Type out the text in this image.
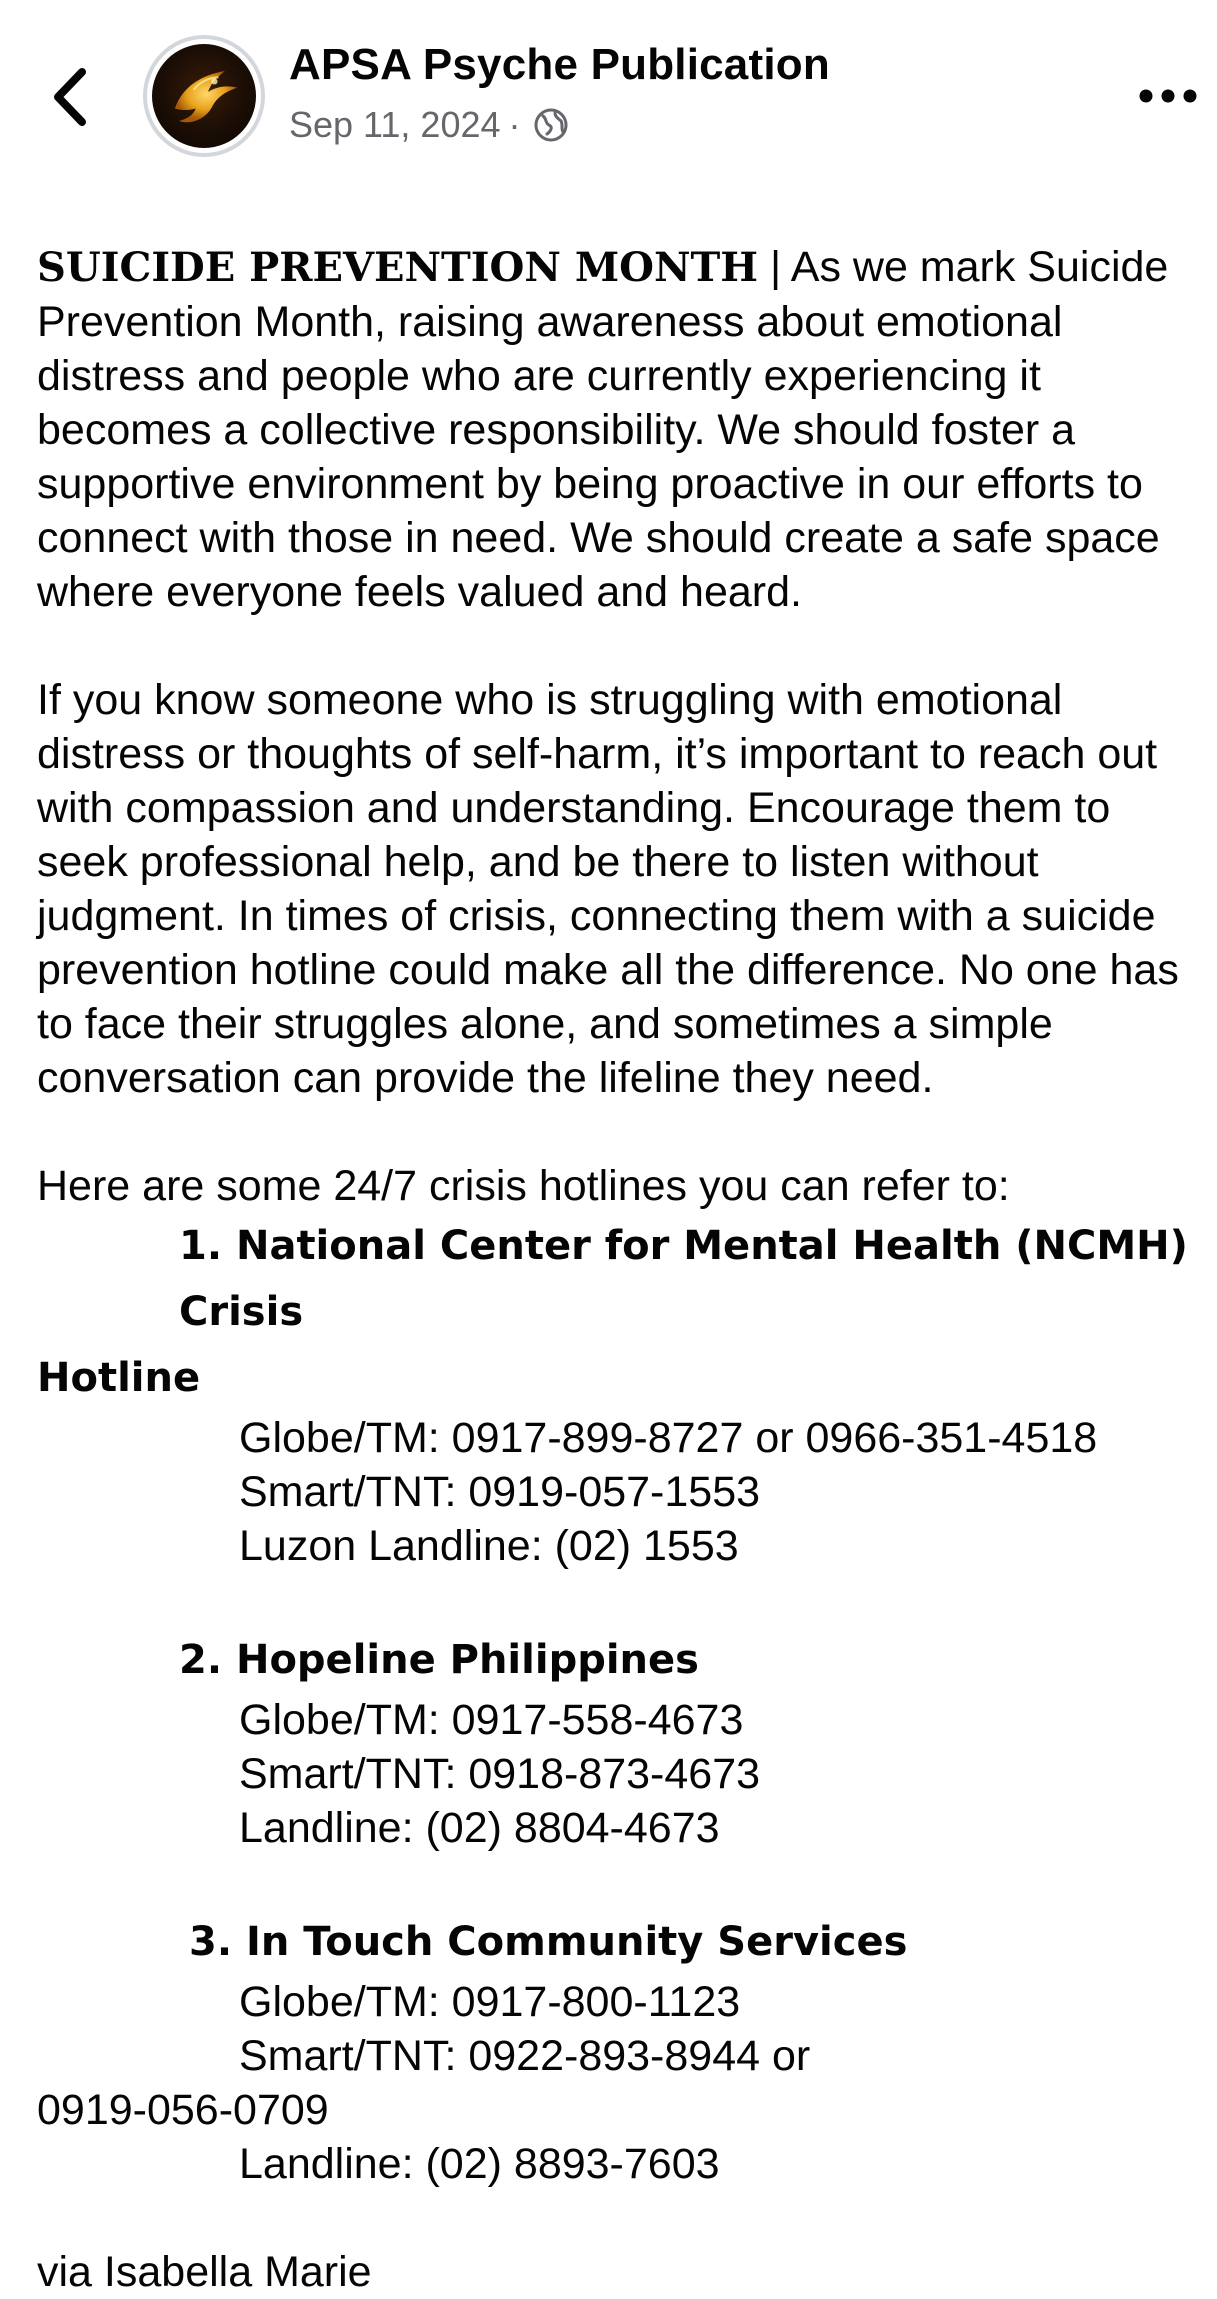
APSA Psyche Publication
Sep 11, 2024 ·

SUICIDE PREVENTION MONTH | As we mark Suicide Prevention Month, raising awareness about emotional distress and people who are currently experiencing it becomes a collective responsibility. We should foster a supportive environment by being proactive in our efforts to connect with those in need. We should create a safe space where everyone feels valued and heard.

If you know someone who is struggling with emotional distress or thoughts of self-harm, it’s important to reach out with compassion and understanding. Encourage them to seek professional help, and be there to listen without judgment. In times of crisis, connecting them with a suicide prevention hotline could make all the difference. No one has to face their struggles alone, and sometimes a simple conversation can provide the lifeline they need.

Here are some 24/7 crisis hotlines you can refer to:

1. National Center for Mental Health (NCMH) Crisis
Hotline
Globe/TM: 0917-899-8727 or 0966-351-4518
Smart/TNT: 0919-057-1553
Luzon Landline: (02) 1553
2. Hopeline Philippines
Globe/TM: 0917-558-4673
Smart/TNT: 0918-873-4673
Landline: (02) 8804-4673
3. In Touch Community Services
Globe/TM: 0917-800-1123
Smart/TNT: 0922-893-8944 or
0919-056-0709
Landline: (02) 8893-7603

via Isabella Marie
